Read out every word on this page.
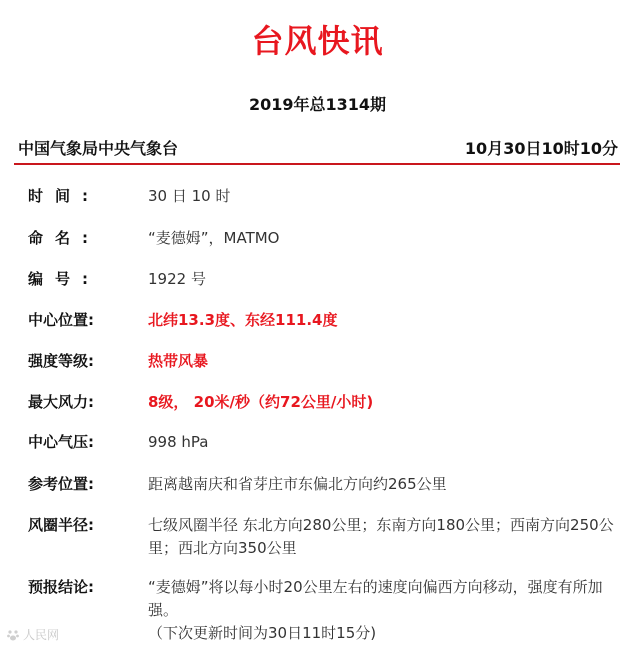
台风快讯
2019年总1314期
中国气象局中央气象台	10月30日10时10分
时间:	30 日 10 时
命名:	“麦德姆”，MATMO
编号:	1922 号
中心位置:	北纬13.3度、东经111.4度
强度等级:	热带风暴
最大风力:	8级， 20米/秒（约72公里/小时)
中心气压:	998 hPa
参考位置:	距离越南庆和省芽庄市东偏北方向约265公里
风圈半径:	七级风圈半径 东北方向280公里；东南方向180公里；西南方向250公里；西北方向350公里
预报结论:	“麦德姆”将以每小时20公里左右的速度向偏西方向移动，强度有所加强。
（下次更新时间为30日11时15分)
人民网
